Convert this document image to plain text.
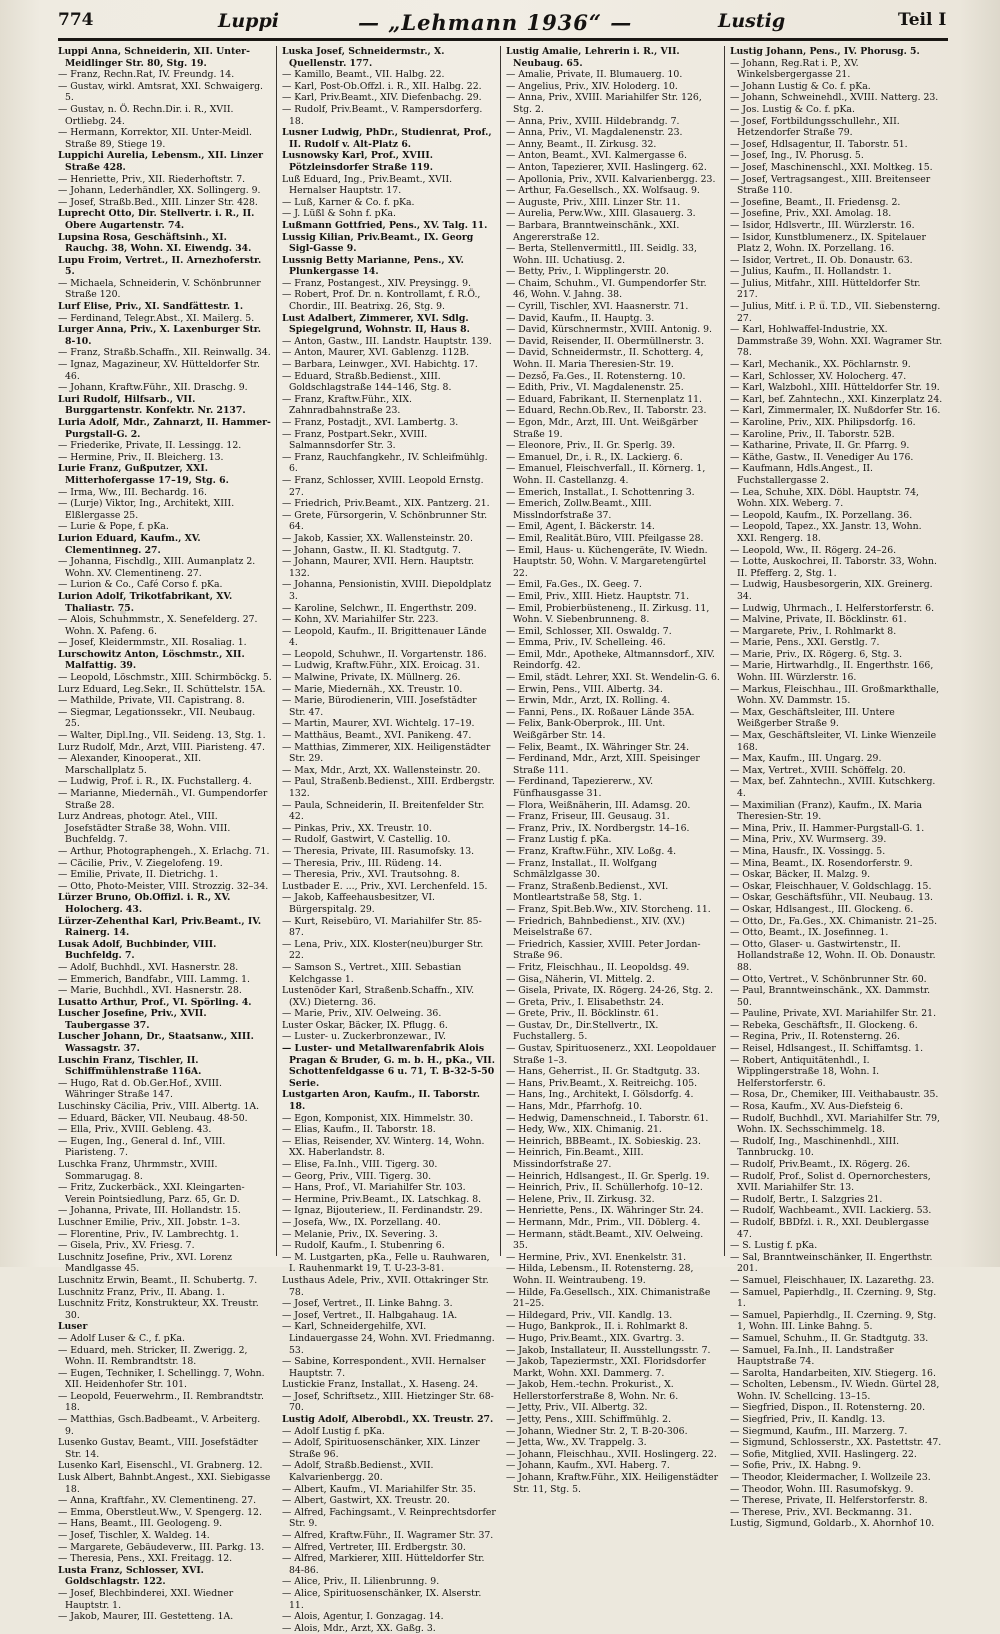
774	Luppi	— „Lehmann 1936“ —	Lustig	Teil I

Luppi Anna, Schneiderin, XII. Unter-Meidlinger Str. 80, Stg. 19.

— Franz, Rechn.Rat, IV. Freundg. 14.

— Gustav, wirkl. Amtsrat, XXI. Schwaigerg. 5.

— Gustav, n. Ö. Rechn.Dir. i. R., XVII. Ortliebg. 24.

— Hermann, Korrektor, XII. Unter-Meidl. Straße 89, Stiege 19.

Luppichi Aurelia, Lebensm., XII. Linzer Straße 428.

— Henriette, Priv., XII. Riederhoftstr. 7.

— Johann, Lederhändler, XX. Sollingerg. 9.

— Josef, Straßb.Bed., XIII. Linzer Str. 428.

Luprecht Otto, Dir. Stellvertr. i. R., II. Obere Augartenstr. 74.

Lupsina Rosa, Geschäftsinh., XI. Rauchg. 38, Wohn. XI. Eiwendg. 34.

Lupu Froim, Vertret., II. Arnezhoferstr. 5.

— Michaela, Schneiderin, V. Schönbrunner Straße 120.

Lurf Elise, Priv., XI. Sandfättestr. 1.

— Ferdinand, Telegr.Abst., XI. Mailerg. 5.

Lurger Anna, Priv., X. Laxenburger Str. 8-10.

— Franz, Straßb.Schaffn., XII. Reinwallg. 34.

— Ignaz, Magazineur, XV. Hütteldorfer Str. 46.

— Johann, Kraftw.Führ., XII. Draschg. 9.

Luri Rudolf, Hilfsarb., VII. Burggartenstr. Konfektr. Nr. 2137.

Luria Adolf, Mdr., Zahnarzt, II. Hammer-Purgstall-G. 2.

— Friederike, Private, II. Lessingg. 12.

— Hermine, Priv., II. Bleicherg. 13.

Lurie Franz, Gußputzer, XXI. Mitterhofergasse 17–19, Stg. 6.

— Irma, Ww., III. Bechardg. 16.

— (Lurje) Viktor, Ing., Architekt, XIII. Elßlergasse 25.

— Lurie & Pope, f. pKa.

Lurion Eduard, Kaufm., XV. Clementinneg. 27.

— Johanna, Fischdlg., XIII. Aumanplatz 2. Wohn. XV. Clementineng. 27.

— Lurion & Co., Café Corso f. pKa.

Lurion Adolf, Trikotfabrikant, XV. Thaliastr. 75.

— Alois, Schuhmmstr., X. Senefelderg. 27. Wohn. X. Pafeng. 6.

— Josef, Kleidermmstr., XII. Rosaliag. 1.

Lurschowitz Anton, Löschmstr., XII. Malfattig. 39.

— Leopold, Löschmstr., XIII. Schirmböckg. 5.

Lurz Eduard, Leg.Sekr., II. Schüttelstr. 15A.

— Mathilde, Private, VII. Capistrang. 8.

— Siegmar, Legationssekr., VII. Neubaug. 25.

— Walter, Dipl.Ing., VII. Seideng. 13, Stg. 1.

Lurz Rudolf, Mdr., Arzt, VIII. Piaristeng. 47.

— Alexander, Kinooperat., XII. Marschallplatz 5.

— Ludwig, Prof. i. R., IX. Fuchstallerg. 4.

— Marianne, Miedernäh., VI. Gumpendorfer Straße 28.

Lurz Andreas, photogr. Atel., VIII. Josefstädter Straße 38, Wohn. VIII. Buchfeldg. 7.

— Arthur, Photographengeh., X. Erlachg. 71.

— Cäcilie, Priv., V. Ziegelofeng. 19.

— Emilie, Private, II. Dietrichg. 1.

— Otto, Photo-Meister, VIII. Strozzig. 32–34.

Lürzer Bruno, Ob.Offizl. i. R., XV. Holocherg. 43.

Lürzer-Zehenthal Karl, Priv.Beamt., IV. Rainerg. 14.

Lusak Adolf, Buchbinder, VIII. Buchfeldg. 7.

— Adolf, Buchhdl., XVI. Hasnerstr. 28.

— Emmerich, Bandfabr., VIII. Lammg. 1.

— Marie, Buchhdl., XVI. Hasnerstr. 28.

Lusatto Arthur, Prof., VI. Spörling. 4.

Luscher Josefine, Priv., XVII. Taubergasse 37.

Luscher Johann, Dr., Staatsanw., XIII. Wassagstr. 37.

Luschin Franz, Tischler, II. Schiffmühlenstraße 116A.

— Hugo, Rat d. Ob.Ger.Hof., XVIII. Währinger Straße 147.

Luschinsky Cäcilia, Priv., VIII. Albertg. 1A.

— Eduard, Bäcker, VII. Neubaug. 48-50.

— Ella, Priv., XVIII. Gebleng. 43.

— Eugen, Ing., General d. Inf., VIII. Piaristeng. 7.

Luschka Franz, Uhrmmstr., XVIII. Sommarugag. 8.

— Fritz, Zuckerbäck., XXI. Kleingarten-Verein Pointsiedlung, Parz. 65, Gr. D.

— Johanna, Private, III. Hollandstr. 15.

Luschner Emilie, Priv., XII. Jobstr. 1–3.

— Florentine, Priv., IV. Lambrechtg. 1.

— Gisela, Priv., XV. Friesg. 7.

Luschnitz Josefine, Priv., XVI. Lorenz Mandlgasse 45.

Luschnitz Erwin, Beamt., II. Schubertg. 7.

Luschnitz Franz, Priv., II. Abang. 1.

Luschnitz Fritz, Konstrukteur, XX. Treustr. 30.

Luser

— Adolf Luser & C., f. pKa.

— Eduard, meh. Stricker, II. Zwerigg. 2, Wohn. II. Rembrandtstr. 18.

— Eugen, Techniker, I. Schellingg. 7, Wohn. XII. Heidenhofer Str. 101.

— Leopold, Feuerwehrm., II. Rembrandtstr. 18.

— Matthias, Gsch.Badbeamt., V. Arbeiterg. 9.

Lusenko Gustav, Beamt., VIII. Josefstädter Str. 14.

Lusenko Karl, Eisenschl., VI. Grabnerg. 12.

Lusk Albert, Bahnbt.Angest., XXI. Siebigasse 18.

— Anna, Kraftfahr., XV. Clementineng. 27.

— Emma, Oberstleut.Ww., V. Spengerg. 12.

— Hans, Beamt., III. Geologeng. 9.

— Josef, Tischler, X. Waldeg. 14.

— Margarete, Gebäudeverw., III. Parkg. 13.

— Theresia, Pens., XXI. Freitagg. 12.

Lusta Franz, Schlosser, XVI. Goldschlagstr. 122.

— Josef, Blechbinderei, XXI. Wiedner Hauptstr. 1.

— Jakob, Maurer, III. Gestetteng. 1A.

Luska Josef, Schneidermstr., X. Quellenstr. 177.

— Kamillo, Beamt., VII. Halbg. 22.

— Karl, Post-Ob.Offzl. i. R., XII. Halbg. 22.

— Karl, Priv.Beamt., XIV. Diefenbachg. 29.

— Rudolf, Priv.Beamt., V. Rampersdorferg. 18.

Lusner Ludwig, PhDr., Studienrat, Prof., II. Rudolf v. Alt-Platz 6.

Lusnowsky Karl, Prof., XVIII. Pötzleinsdorfer Straße 119.

Luß Eduard, Ing., Priv.Beamt., XVII. Hernalser Hauptstr. 17.

— Luß, Karner & Co. f. pKa.

— J. Lüßl & Sohn f. pKa.

Lußmann Gottfried, Pens., XV. Talg. 11.

Lussig Kilian, Priv.Beamt., IX. Georg Sigl-Gasse 9.

Lussnig Betty Marianne, Pens., XV. Plunkergasse 14.

— Franz, Postangest., XIV. Preysingg. 9.

— Robert, Prof. Dr. n. Kontrollamt, f. R.Ö., Chordir., III. Beatrixg. 26, Stg. 9.

Lust Adalbert, Zimmerer, XVI. Sdlg. Spiegelgrund, Wohnstr. II, Haus 8.

— Anton, Gastw., III. Landstr. Hauptstr. 139.

— Anton, Maurer, XVI. Gablenzg. 112B.

— Barbara, Leinwger., XVI. Habichtg. 17.

— Eduard, Straßb.Bedienst., XIII. Goldschlagstraße 144–146, Stg. 8.

— Franz, Kraftw.Führ., XIX. Zahnradbahnstraße 23.

— Franz, Postadjt., XVI. Lambertg. 3.

— Franz, Postpart.Sekr., XVIII. Salmannsdorfer Str. 3.

— Franz, Rauchfangkehr., IV. Schleifmühlg. 6.

— Franz, Schlosser, XVIII. Leopold Ernstg. 27.

— Friedrich, Priv.Beamt., XIX. Pantzerg. 21.

— Grete, Fürsorgerin, V. Schönbrunner Str. 64.

— Jakob, Kassier, XX. Wallensteinstr. 20.

— Johann, Gastw., II. Kl. Stadtgutg. 7.

— Johann, Maurer, XVII. Hern. Hauptstr. 132.

— Johanna, Pensionistin, XVIII. Diepoldplatz 3.

— Karoline, Selchwr., II. Engerthstr. 209.

— Kohn, XV. Mariahilfer Str. 223.

— Leopold, Kaufm., II. Brigittenauer Lände 4.

— Leopold, Schuhwr., II. Vorgartenstr. 186.

— Ludwig, Kraftw.Führ., XIX. Eroicag. 31.

— Malwine, Private, IX. Müllnerg. 26.

— Marie, Miedernäh., XX. Treustr. 10.

— Marie, Bürodienerin, VIII. Josefstädter Str. 47.

— Martin, Maurer, XVI. Wichtelg. 17–19.

— Matthäus, Beamt., XVI. Panikeng. 47.

— Matthias, Zimmerer, XIX. Heiligenstädter Str. 29.

— Max, Mdr., Arzt, XX. Wallensteinstr. 20.

— Paul, Straßenb.Bedienst., XIII. Erdbergstr. 132.

— Paula, Schneiderin, II. Breitenfelder Str. 42.

— Pinkas, Priv., XX. Treustr. 10.

— Rudolf, Gastwirt, V. Castellig. 10.

— Theresia, Private, III. Rasumofsky. 13.

— Theresia, Priv., III. Rüdeng. 14.

— Theresia, Priv., XVI. Trautsohng. 8.

Lustbader E. ..., Priv., XVI. Lerchenfeld. 15.

— Jakob, Kaffeehausbesitzer, VI. Bürgerspitalg. 29.

— Kurt, Reisebüro, VI. Mariahilfer Str. 85-87.

— Lena, Priv., XIX. Kloster(neu)burger Str. 22.

— Samson S., Vertret., XIII. Sebastian Kelchgasse 1.

Lustenöder Karl, Straßenb.Schaffn., XIV. (XV.) Dieterng. 36.

— Marie, Priv., XIV. Oelweing. 36.

Luster Oskar, Bäcker, IX. Pflugg. 6.

— Luster- u. Zuckerbronzewar., IV.

— Luster- und Metallwarenfabrik Alois Pragan & Bruder, G. m. b. H., pKa., VII. Schottenfeldgasse 6 u. 71, T. B-32-5-50 Serie.

Lustgarten Aron, Kaufm., II. Taborstr. 18.

— Egon, Komponist, XIX. Himmelstr. 30.

— Elias, Kaufm., II. Taborstr. 18.

— Elias, Reisender, XV. Winterg. 14, Wohn. XX. Haberlandstr. 8.

— Elise, Fa.Inh., VIII. Tigerg. 30.

— Georg, Priv., VIII. Tigerg. 30.

— Hans, Prof., VI. Mariahilfer Str. 103.

— Hermine, Priv.Beamt., IX. Latschkag. 8.

— Ignaz, Bijouteriew., II. Ferdinandstr. 29.

— Josefa, Ww., IX. Porzellang. 40.

— Melanie, Priv., IX. Severing. 3.

— Rudolf, Kaufm., I. Stubenring 6.

— M. Lustgarten, pKa., Felle u. Rauhwaren, I. Rauhenmarkt 19, T. U-23-3-81.

Lusthaus Adele, Priv., XVII. Ottakringer Str. 78.

— Josef, Vertret., II. Linke Bahng. 3.

— Josef, Vertret., II. Halbgahaug. 1A.

— Karl, Schneidergehilfe, XVI. Lindauergasse 24, Wohn. XVI. Friedmanng. 53.

— Sabine, Korrespondent., XVII. Hernalser Hauptstr. 7.

Lustickie Franz, Installat., X. Haseng. 24.

— Josef, Schriftsetz., XIII. Hietzinger Str. 68-70.

Lustig Adolf, Alberobdl., XX. Treustr. 27.

— Adolf Lustig f. pKa.

— Adolf, Spirituosenschänker, XIX. Linzer Straße 96.

— Adolf, Straßb.Bedienst., XVII. Kalvarienbergg. 20.

— Albert, Kaufm., VI. Mariahilfer Str. 35.

— Albert, Gastwirt, XX. Treustr. 20.

— Alfred, Fachingsamt., V. Reinprechtsdorfer Str. 9.

— Alfred, Kraftw.Führ., II. Wagramer Str. 37.

— Alfred, Vertreter, III. Erdbergstr. 30.

— Alfred, Markierer, XIII. Hütteldorfer Str. 84-86.

— Alice, Priv., II. Lilienbrunng. 9.

— Alice, Spirituosenschänker, IX. Alserstr. 11.

— Alois, Agentur, I. Gonzagag. 14.

— Alois, Mdr., Arzt, XX. Gaßg. 3.

Lustig Amalie, Lehrerin i. R., VII. Neubaug. 65.

— Amalie, Private, II. Blumauerg. 10.

— Angelius, Priv., XIV. Holoderg. 10.

— Anna, Priv., XVIII. Mariahilfer Str. 126, Stg. 2.

— Anna, Priv., XVIII. Hildebrandg. 7.

— Anna, Priv., VI. Magdalenenstr. 23.

— Anny, Beamt., II. Zirkusg. 32.

— Anton, Beamt., XVI. Kalmergasse 6.

— Anton, Tapezierer, XVII. Haslingerg. 62.

— Apollonia, Priv., XVII. Kalvarienbergg. 23.

— Arthur, Fa.Gesellsch., XX. Wolfsaug. 9.

— Auguste, Priv., XIII. Linzer Str. 11.

— Aurelia, Perw.Ww., XIII. Glasauerg. 3.

— Barbara, Branntweinschänk., XXI. Angererstraße 12.

— Berta, Stellenvermittl., III. Seidlg. 33, Wohn. III. Uchatiusg. 2.

— Betty, Priv., I. Wipplingerstr. 20.

— Chaim, Schuhm., VI. Gumpendorfer Str. 46, Wohn. V. Jahng. 38.

— Cyrill, Tischler, XVI. Haasnerstr. 71.

— David, Kaufm., II. Hauptg. 3.

— David, Kürschnermstr., XVIII. Antonig. 9.

— David, Reisender, II. Obermüllnerstr. 3.

— David, Schneidermstr., II. Schotterg. 4, Wohn. II. Maria Theresien-Str. 19.

— Dezső, Fa.Ges., II. Rotensterng. 10.

— Edith, Priv., VI. Magdalenenstr. 25.

— Eduard, Fabrikant, II. Sternenplatz 11.

— Eduard, Rechn.Ob.Rev., II. Taborstr. 23.

— Egon, Mdr., Arzt, III. Unt. Weißgärber Straße 19.

— Eleonore, Priv., II. Gr. Sperlg. 39.

— Emanuel, Dr., i. R., IX. Lackierg. 6.

— Emanuel, Fleischverfall., II. Körnerg. 1, Wohn. II. Castellanzg. 4.

— Emerich, Installat., I. Schottenring 3.

— Emerich, Zollw.Beamt., XIII. Misslndorfstraße 37.

— Emil, Agent, I. Bäckerstr. 14.

— Emil, Realität.Büro, VIII. Pfeilgasse 28.

— Emil, Haus- u. Küchengeräte, IV. Wiedn. Hauptstr. 50, Wohn. V. Margaretengürtel 22.

— Emil, Fa.Ges., IX. Geeg. 7.

— Emil, Priv., XIII. Hietz. Hauptstr. 71.

— Emil, Probierbüsteneng., II. Zirkusg. 11, Wohn. V. Siebenbrunneng. 8.

— Emil, Schlosser, XII. Oswaldg. 7.

— Emma, Priv., IV. Schelleing. 46.

— Emil, Mdr., Apotheke, Altmannsdorf., XIV. Reindorfg. 42.

— Emil, städt. Lehrer, XXI. St. Wendelin-G. 6.

— Erwin, Pens., VIII. Albertg. 34.

— Erwin, Mdr., Arzt, IX. Rolling. 4.

— Fanni, Pens., IX. Roßauer Lände 35A.

— Felix, Bank-Oberprok., III. Unt. Weißgärber Str. 14.

— Felix, Beamt., IX. Währinger Str. 24.

— Ferdinand, Mdr., Arzt, XIII. Speisinger Straße 111.

— Ferdinand, Tapeziererw., XV. Fünfhausgasse 31.

— Flora, Weißnäherin, III. Adamsg. 20.

— Franz, Friseur, III. Geusaug. 31.

— Franz, Priv., IX. Nordbergstr. 14–16.

— Franz Lustig f. pKa.

— Franz, Kraftw.Führ., XIV. Loßg. 4.

— Franz, Installat., II. Wolfgang Schmälzlgasse 30.

— Franz, Straßenb.Bedienst., XVI. Montleartstraße 58, Stg. 1.

— Franz, Spit.Beb.Ww., XIV. Storcheng. 11.

— Friedrich, Bahnbedienst., XIV. (XV.) Meiselstraße 67.

— Friedrich, Kassier, XVIII. Peter Jordan-Straße 96.

— Fritz, Fleischhau., II. Leopoldsg. 49.

— Gisa, Näherin, VI. Mittelg. 2.

— Gisela, Private, IX. Rögerg. 24-26, Stg. 2.

— Greta, Priv., I. Elisabethstr. 24.

— Grete, Priv., II. Böcklinstr. 61.

— Gustav, Dr., Dir.Stellvertr., IX. Fuchstallerg. 5.

— Gustav, Spirituosenerz., XXI. Leopoldauer Straße 1–3.

— Hans, Geherrist., II. Gr. Stadtgutg. 33.

— Hans, Priv.Beamt., X. Reitreichg. 105.

— Hans, Ing., Architekt, I. Gölsdorfg. 4.

— Hans, Mdr., Pfarrhofg. 10.

— Hedwig, Damenschneid., I. Taborstr. 61.

— Hedy, Ww., XIX. Chimanig. 21.

— Heinrich, BBBeamt., IX. Sobieskig. 23.

— Heinrich, Fin.Beamt., XIII. Missindorfstraße 27.

— Heinrich, Hdlsangest., II. Gr. Sperlg. 19.

— Heinrich, Priv., II. Schüllerhofg. 10–12.

— Helene, Priv., II. Zirkusg. 32.

— Henriette, Pens., IX. Währinger Str. 24.

— Hermann, Mdr., Prim., VII. Döblerg. 4.

— Hermann, städt.Beamt., XIV. Oelweing. 35.

— Hermine, Priv., XVI. Enenkelstr. 31.

— Hilda, Lebensm., II. Rotensterng. 28, Wohn. II. Weintraubeng. 19.

— Hilde, Fa.Gesellsch., XIX. Chimanistraße 21–25.

— Hildegard, Priv., VII. Kandlg. 13.

— Hugo, Bankprok., II. i. Rohlmarkt 8.

— Hugo, Priv.Beamt., XIX. Gvartrg. 3.

— Jakob, Installateur, II. Ausstellungsstr. 7.

— Jakob, Tapeziermstr., XXI. Floridsdorfer Markt, Wohn. XXI. Dammerg. 7.

— Jakob, Hem.-techn. Prokurist., X. Hellerstorferstraße 8, Wohn. Nr. 6.

— Jetty, Priv., VII. Albertg. 32.

— Jetty, Pens., XIII. Schiffmühlg. 2.

— Johann, Wiedner Str. 2, T. B-20-306.

— Jetta, Ww., XV. Trappelg. 3.

— Johann, Fleischhau., XVII. Hoslingerg. 22.

— Johann, Kaufm., XVI. Haberg. 7.

— Johann, Kraftw.Führ., XIX. Heiligenstädter Str. 11, Stg. 5.

Lustig Johann, Pens., IV. Phorusg. 5.

— Johann, Reg.Rat i. P., XV. Winkelsbergergasse 21.

— Johann Lustig & Co. f. pKa.

— Johann, Schweinehdl., XVIII. Natterg. 23.

— Jos. Lustig & Co. f. pKa.

— Josef, Fortbildungsschullehr., XII. Hetzendorfer Straße 79.

— Josef, Hdlsagentur, II. Taborstr. 51.

— Josef, Ing., IV. Phorusg. 5.

— Josef, Maschinenschl., XXI. Moltkeg. 15.

— Josef, Vertragsangest., XIII. Breitenseer Straße 110.

— Josefine, Beamt., II. Friedensg. 2.

— Josefine, Priv., XXI. Amolag. 18.

— Isidor, Hdlsvertr., III. Würzlerstr. 16.

— Isidor, Kunstblumenerz., IX. Spitelauer Platz 2, Wohn. IX. Porzellang. 16.

— Isidor, Vertret., II. Ob. Donaustr. 63.

— Julius, Kaufm., II. Hollandstr. 1.

— Julius, Mitfahr., XIII. Hütteldorfer Str. 217.

— Julius, Mitf. i. P. u. T.D., VII. Siebensterng. 27.

— Karl, Hohlwaffel-Industrie, XX. Dammstraße 39, Wohn. XXI. Wagramer Str. 78.

— Karl, Mechanik., XX. Pöchlarnstr. 9.

— Karl, Schlosser, XV. Holocherg. 47.

— Karl, Walzbohl., XIII. Hütteldorfer Str. 19.

— Karl, bef. Zahntechn., XXI. Kinzerplatz 24.

— Karl, Zimmermaler, IX. Nußdorfer Str. 16.

— Karoline, Priv., XIX. Philipsdorfg. 16.

— Karoline, Priv., II. Taborstr. 52B.

— Katharine, Private, II. Gr. Pfarrg. 9.

— Käthe, Gastw., II. Venediger Au 176.

— Kaufmann, Hdls.Angest., II. Fuchstallergasse 2.

— Lea, Schuhe, XIX. Döbl. Hauptstr. 74, Wohn. XIX. Weberg. 7.

— Leopold, Kaufm., IX. Porzellang. 36.

— Leopold, Tapez., XX. Janstr. 13, Wohn. XXI. Rengerg. 18.

— Leopold, Ww., II. Rögerg. 24–26.

— Lotte, Auskochrei, II. Taborstr. 33, Wohn. II. Pfefferg. 2, Stg. 1.

— Ludwig, Hausbesorgerin, XIX. Greinerg. 34.

— Ludwig, Uhrmach., I. Helferstorferstr. 6.

— Malvine, Private, II. Böcklinstr. 61.

— Margarete, Priv., I. Rohlmarkt 8.

— Marie, Pens., XXI. Gerstlg. 7.

— Marie, Priv., IX. Rögerg. 6, Stg. 3.

— Marie, Hirtwarhdlg., II. Engerthstr. 166, Wohn. III. Würzlerstr. 16.

— Markus, Fleischhau., III. Großmarkthalle, Wohn. XV. Dammstr. 15.

— Max, Geschäftsleiter, III. Untere Weißgerber Straße 9.

— Max, Geschäftsleiter, VI. Linke Wienzeile 168.

— Max, Kaufm., III. Ungarg. 29.

— Max, Vertret., XVIII. Schöffelg. 20.

— Max, bef. Zahntechn., XVIII. Kutschkerg. 4.

— Maximilian (Franz), Kaufm., IX. Maria Theresien-Str. 19.

— Mina, Priv., II. Hammer-Purgstall-G. 1.

— Mina, Priv., XV. Wurmserg. 39.

— Mina, Hausfr., IX. Vossingg. 5.

— Mina, Beamt., IX. Rosendorferstr. 9.

— Oskar, Bäcker, II. Malzg. 9.

— Oskar, Fleischhauer, V. Goldschlagg. 15.

— Oskar, Geschäftsführ., VII. Neubaug. 13.

— Oskar, Hdlsangest., III. Glockeng. 6.

— Otto, Dr., Fa.Ges., XX. Chimanistr. 21–25.

— Otto, Beamt., IX. Josefinneg. 1.

— Otto, Glaser- u. Gastwirtenstr., II. Hollandstraße 12, Wohn. II. Ob. Donaustr. 88.

— Otto, Vertret., V. Schönbrunner Str. 60.

— Paul, Branntweinschänk., XX. Dammstr. 50.

— Pauline, Private, XVI. Mariahilfer Str. 21.

— Rebeka, Geschäftsfr., II. Glockeng. 6.

— Regina, Priv., II. Rotensterng. 26.

— Reisel, Hdlsangest., II. Schiffamtsg. 1.

— Robert, Antiquitätenhdl., I. Wipplingerstraße 18, Wohn. I. Helferstorferstr. 6.

— Rosa, Dr., Chemiker, III. Veithabaustr. 35.

— Rosa, Kaufm., XV. Aus-Diefsteig 6.

— Rudolf, Buchhdl., XVI. Mariahilfer Str. 79, Wohn. IX. Sechsschimmelg. 18.

— Rudolf, Ing., Maschinenhdl., XIII. Tannbruckg. 10.

— Rudolf, Priv.Beamt., IX. Rögerg. 26.

— Rudolf, Prof., Solist d. Opernorchesters, XVII. Mariahilfer Str. 13.

— Rudolf, Bertr., I. Salzgries 21.

— Rudolf, Wachbeamt., XVII. Lackierg. 53.

— Rudolf, BBDfzl. i. R., XXI. Deublergasse 47.

— S. Lustig f. pKa.

— Sal, Branntweinschänker, II. Engerthstr. 201.

— Samuel, Fleischhauer, IX. Lazarethg. 23.

— Samuel, Papierhdlg., II. Czerning. 9, Stg. 1.

— Samuel, Papierhdlg., II. Czerning. 9, Stg. 1, Wohn. III. Linke Bahng. 5.

— Samuel, Schuhm., II. Gr. Stadtgutg. 33.

— Samuel, Fa.Inh., II. Landstraßer Hauptstraße 74.

— Sarolta, Handarbeiten, XIV. Stiegerg. 16.

— Scholten, Lebensm., IV. Wiedn. Gürtel 28, Wohn. IV. Schellcing. 13–15.

— Siegfried, Dispon., II. Rotensterng. 20.

— Siegfried, Priv., II. Kandlg. 13.

— Siegmund, Kaufm., III. Marzerg. 7.

— Sigmund, Schlosserstr., XX. Pastettstr. 47.

— Sofie, Mitglied, XVII. Haslingerg. 22.

— Sofie, Priv., IX. Habng. 9.

— Theodor, Kleidermacher, I. Wollzeile 23.

— Theodor, Wohn. III. Rasumofskyg. 9.

— Therese, Private, II. Helferstorferstr. 8.

— Therese, Priv., XVI. Beckmanng. 31.

Lustig, Sigmund, Goldarb., X. Ahornhof 10.
